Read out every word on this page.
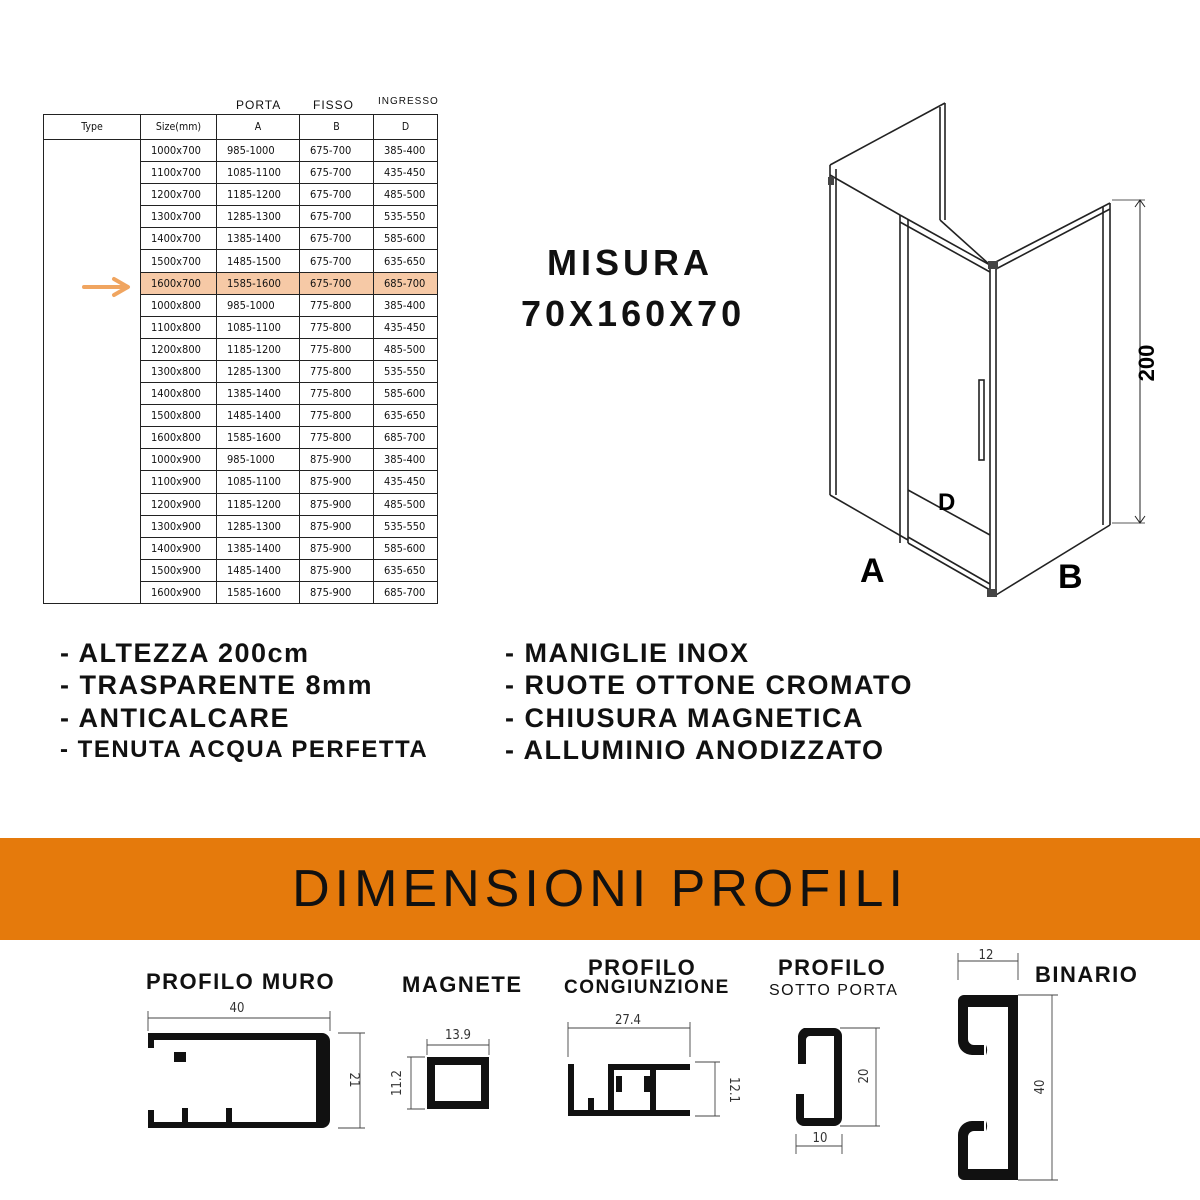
PORTA	FISSO INGRESSO
Type	Size(mm)	A	B	D
	1000x700	985-1000	675-700	385-400
	1100x700	1085-1100	675-700	435-450
	1200x700	1185-1200	675-700	485-500
	1300x700	1285-1300	675-700	535-550
	1400x700	1385-1400	675-700	585-600
	1500x700	1485-1500	675-700	635-650
	1600x700	1585-1600	675-700	685-700
	1000x800	985-1000	775-800	385-400
	1100x800	1085-1100	775-800	435-450
	1200x800	1185-1200	775-800	485-500
	1300x800	1285-1300	775-800	535-550
	1400x800	1385-1400	775-800	585-600
	1500x800	1485-1400	775-800	635-650
	1600x800	1585-1600	775-800	685-700
	1000x900	985-1000	875-900	385-400
	1100x900	1085-1100	875-900	435-450
	1200x900	1185-1200	875-900	485-500
	1300x900	1285-1300	875-900	535-550
	1400x900	1385-1400	875-900	585-600
	1500x900	1485-1400	875-900	635-650
	1600x900	1585-1600	875-900	685-700
MISURA
70X160X70
200
D
A	B
- ALTEZZA 200cm
- TRASPARENTE 8mm
- ANTICALCARE
- TENUTA ACQUA PERFETTA
- MANIGLIE INOX
- RUOTE OTTONE CROMATO
- CHIUSURA MAGNETICA
- ALLUMINIO ANODIZZATO
DIMENSIONI PROFILI
PROFILO MURO	MAGNETE
PROFILO
CONGIUNZIONE
PROFILO
SOTTO PORTA
BINARIO
40
21
13.9
11.2
27.4
12.1
20
10
12
40
